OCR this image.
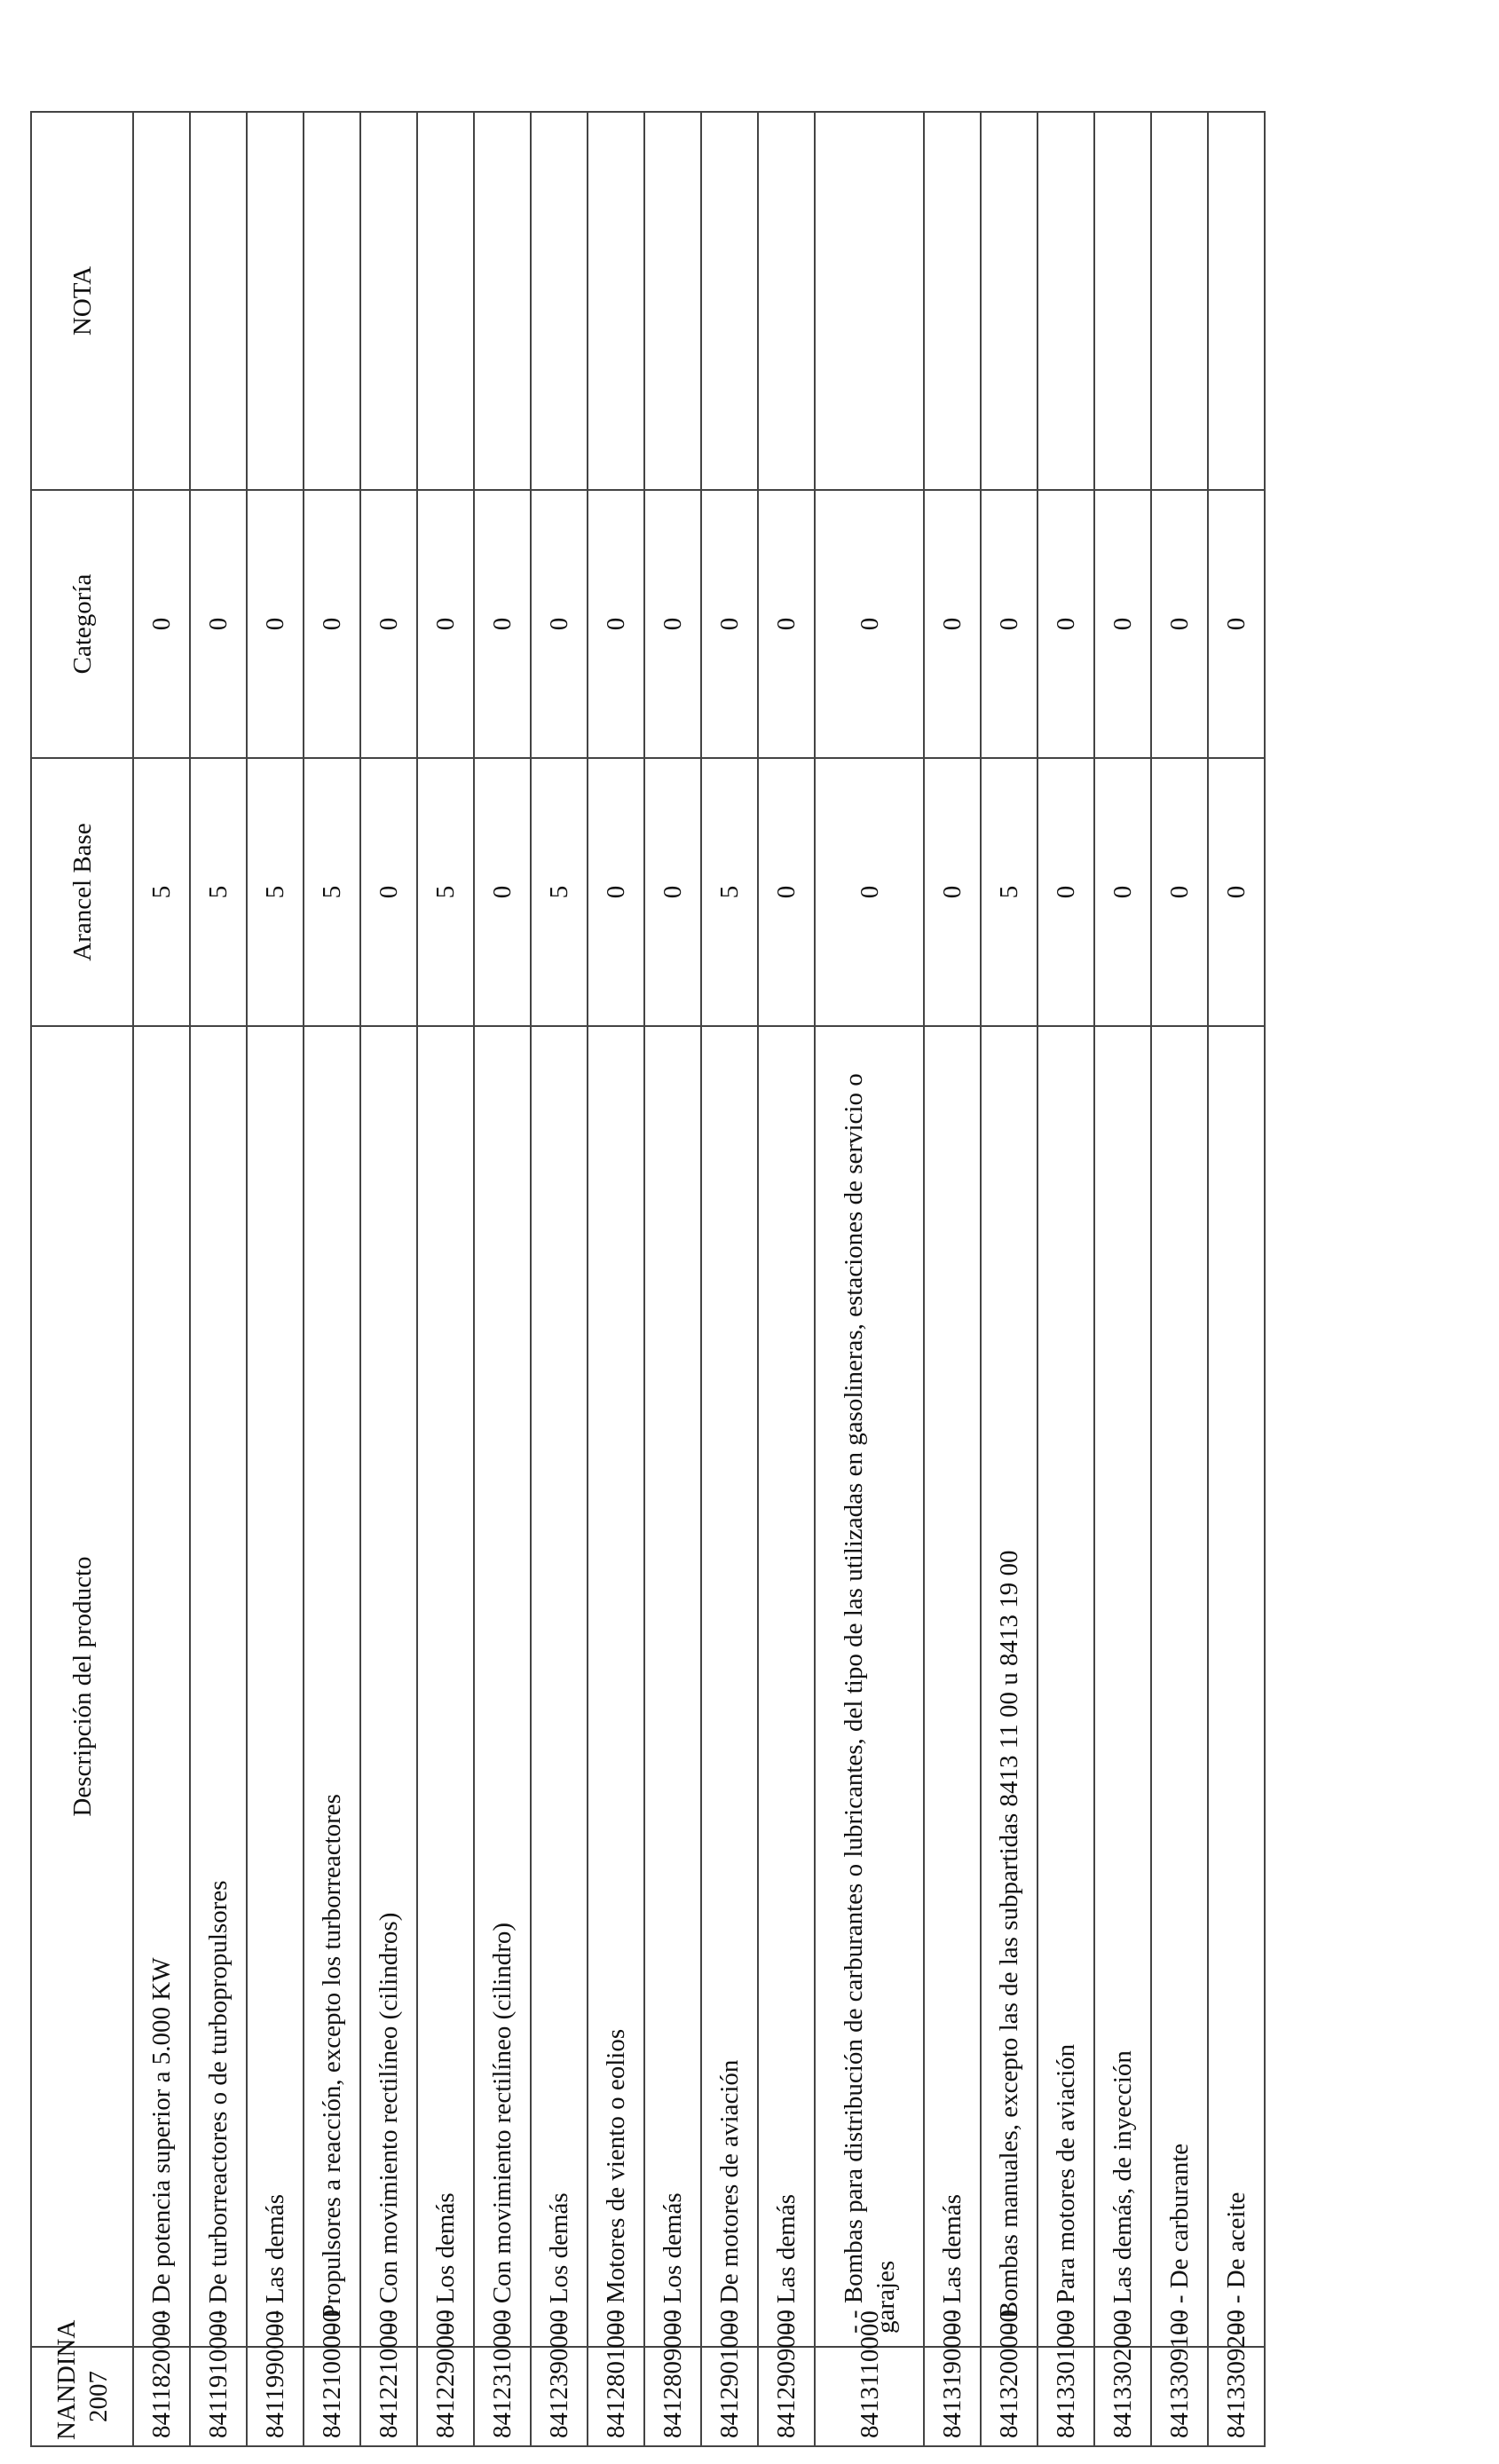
NANDINA 2007	Descripción del producto	Arancel Base	Categoría	NOTA
8411820000	- - De potencia superior a 5.000 KW	5	0	
8411910000	- - De turborreactores o de turbopropulsores	5	0	
8411990000	- - Las demás	5	0	
8412100000	- Propulsores a reacción, excepto los turborreactores	5	0	
8412210000	- - Con movimiento rectilíneo (cilindros)	0	0	
8412290000	- - Los demás	5	0	
8412310000	- - Con movimiento rectilíneo (cilindro)	0	0	
8412390000	- - Los demás	5	0	
8412801000	- - Motores de viento o eolios	0	0	
8412809000	- - Los demás	0	0	
8412901000	- - De motores de aviación	5	0	
8412909000	- - Las demás	0	0	
8413110000	- - Bombas para distribución de carburantes o lubricantes, del tipo de las utilizadas en gasolineras, estaciones de servicio o garajes	0	0	
8413190000	- - Las demás	0	0	
8413200000	- Bombas manuales, excepto las de las subpartidas 8413 11 00 u 8413 19 00	5	0	
8413301000	- - Para motores de aviación	0	0	
8413302000	- - Las demás, de inyección	0	0	
8413309100	- - - De carburante	0	0	
8413309200	- - - De aceite	0	0	
